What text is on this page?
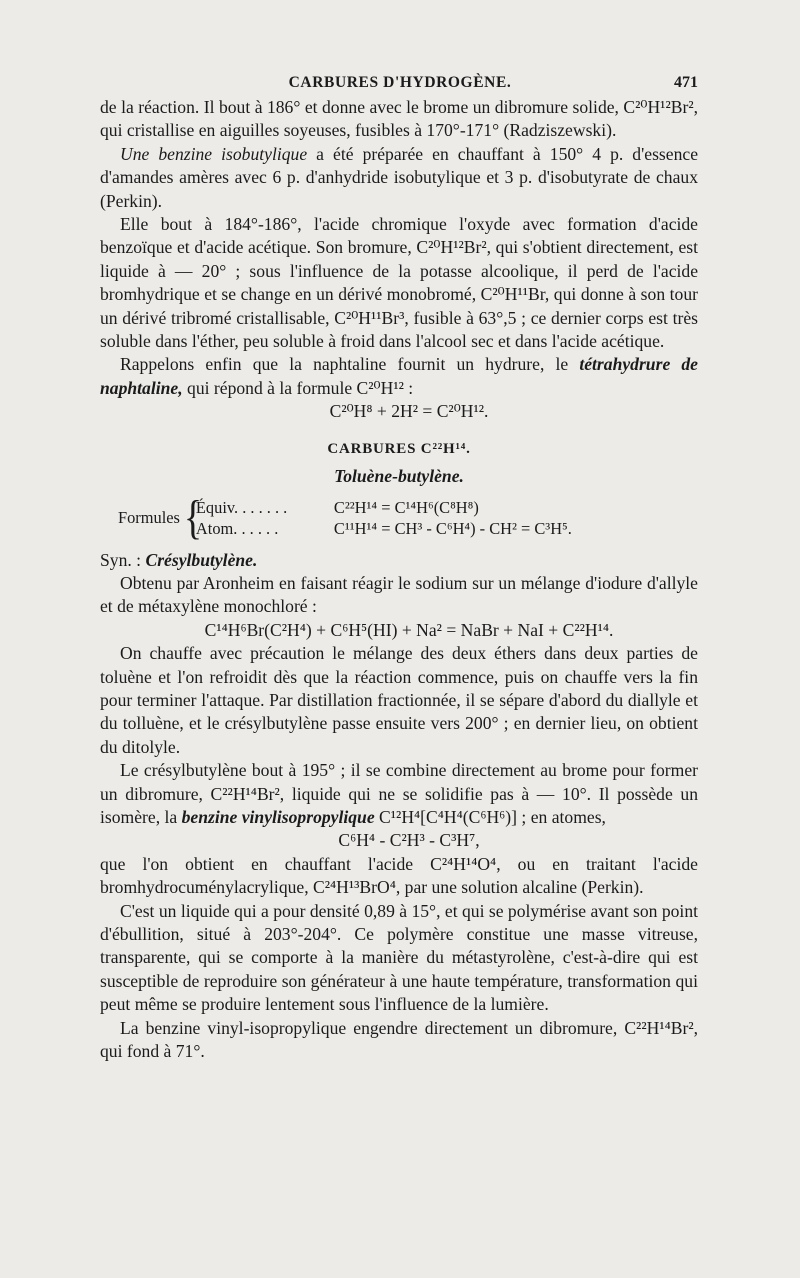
CARBURES D'HYDROGÈNE.	471

de la réaction. Il bout à 186° et donne avec le brome un dibromure solide, C²⁰H¹²Br², qui cristallise en aiguilles soyeuses, fusibles à 170°-171° (Radziszewski).

Une benzine isobutylique a été préparée en chauffant à 150° 4 p. d'essence d'amandes amères avec 6 p. d'anhydride isobutylique et 3 p. d'isobutyrate de chaux (Perkin).

Elle bout à 184°-186°, l'acide chromique l'oxyde avec formation d'acide benzoïque et d'acide acétique. Son bromure, C²⁰H¹²Br², qui s'obtient directement, est liquide à — 20° ; sous l'influence de la potasse alcoolique, il perd de l'acide bromhydrique et se change en un dérivé monobromé, C²⁰H¹¹Br, qui donne à son tour un dérivé tribromé cristallisable, C²⁰H¹¹Br³, fusible à 63°,5 ; ce dernier corps est très soluble dans l'éther, peu soluble à froid dans l'alcool sec et dans l'acide acétique.

Rappelons enfin que la naphtaline fournit un hydrure, le tétrahydrure de naphtaline, qui répond à la formule C²⁰H¹² :

C²⁰H⁸ + 2H² = C²⁰H¹².

CARBURES C²²H¹⁴.
Toluène-butylène.
Formules {
Équiv. . . . . . .	C²²H¹⁴ = C¹⁴H⁶(C⁸H⁸)
Atom. . . . . .	C¹¹H¹⁴ = CH³ - C⁶H⁴) - CH² = C³H⁵.

Syn. : Crésylbutylène.

Obtenu par Aronheim en faisant réagir le sodium sur un mélange d'iodure d'allyle et de métaxylène monochloré :

C¹⁴H⁶Br(C²H⁴) + C⁶H⁵(HI) + Na² = NaBr + NaI + C²²H¹⁴.

On chauffe avec précaution le mélange des deux éthers dans deux parties de toluène et l'on refroidit dès que la réaction commence, puis on chauffe vers la fin pour terminer l'attaque. Par distillation fractionnée, il se sépare d'abord du diallyle et du tolluène, et le crésylbutylène passe ensuite vers 200° ; en dernier lieu, on obtient du ditolyle.

Le crésylbutylène bout à 195° ; il se combine directement au brome pour former un dibromure, C²²H¹⁴Br², liquide qui ne se solidifie pas à — 10°. Il possède un isomère, la benzine vinylisopropylique C¹²H⁴[C⁴H⁴(C⁶H⁶)] ; en atomes,

C⁶H⁴ - C²H³ - C³H⁷,

que l'on obtient en chauffant l'acide C²⁴H¹⁴O⁴, ou en traitant l'acide bromhydrocuménylacrylique, C²⁴H¹³BrO⁴, par une solution alcaline (Perkin).

C'est un liquide qui a pour densité 0,89 à 15°, et qui se polymérise avant son point d'ébullition, situé à 203°-204°. Ce polymère constitue une masse vitreuse, transparente, qui se comporte à la manière du métastyrolène, c'est-à-dire qui est susceptible de reproduire son générateur à une haute température, transformation qui peut même se produire lentement sous l'influence de la lumière.

La benzine vinyl-isopropylique engendre directement un dibromure, C²²H¹⁴Br², qui fond à 71°.
